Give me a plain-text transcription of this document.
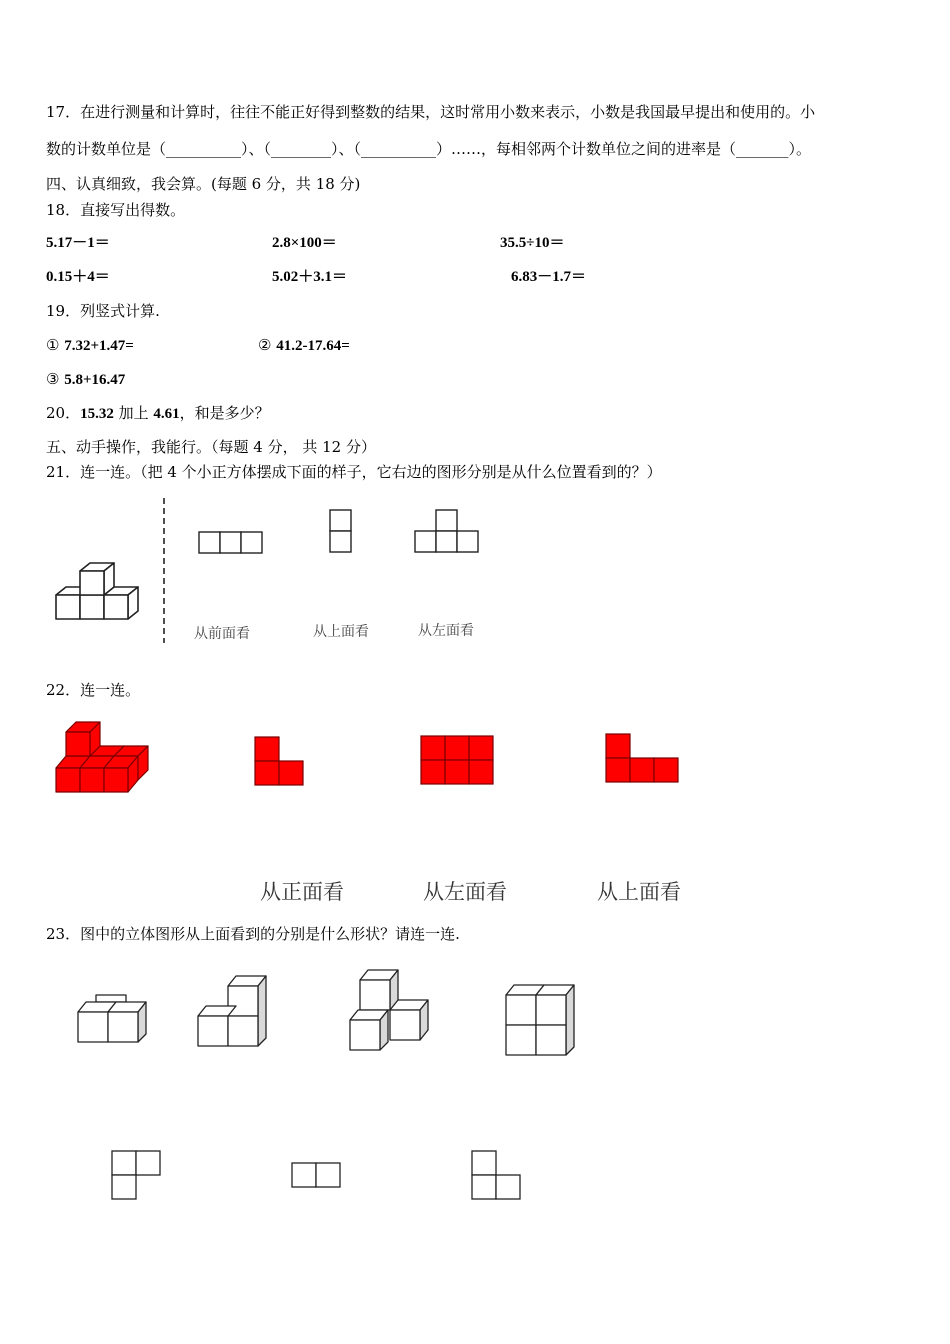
17．在进行测量和计算时，往往不能正好得到整数的结果，这时常用小数来表示，小数是我国最早提出和使用的。小
数的计数单位是（__________）、（________）、（__________）……，每相邻两个计数单位之间的进率是（_______）。
四、认真细致，我会算。(每题 6 分，共 18 分)
18．直接写出得数。
5.17－1＝	2.8×100＝	35.5÷10＝
0.15＋4＝	5.02＋3.1＝	6.83－1.7＝
19．列竖式计算.
① 7.32+1.47=	② 41.2-17.64=
③ 5.8+16.47
20．15.32 加上 4.61，和是多少？
五、动手操作，我能行。（每题 4 分， 共 12 分）
21．连一连。（把 4 个小正方体摆成下面的样子，它右边的图形分别是从什么位置看到的？）
从前面看	从上面看	从左面看
22．连一连。
从正面看	从左面看	从上面看
23．图中的立体图形从上面看到的分别是什么形状？请连一连.
